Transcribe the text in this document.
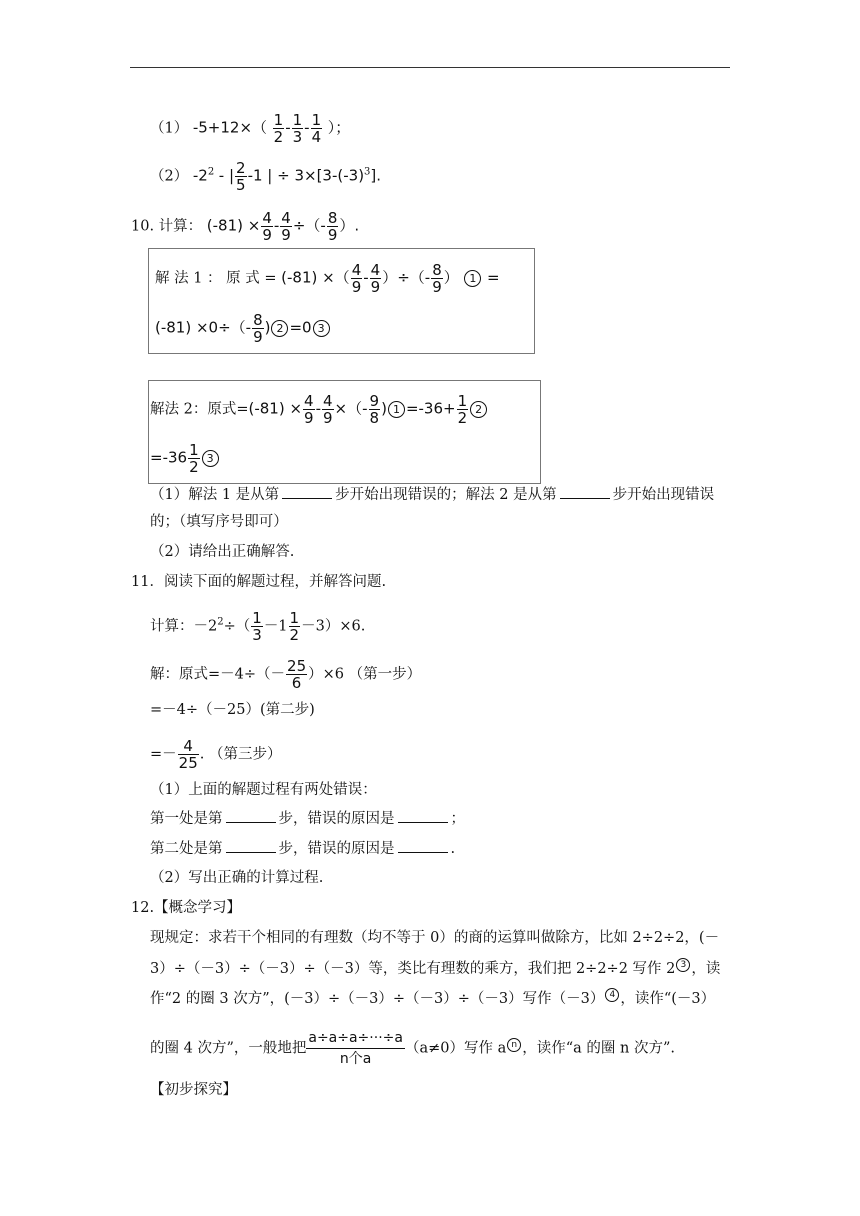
（1） $-5+12\times( \frac{1}{2} - \frac{1}{3} - \frac{1}{4}$ ）；
（2） $-2^2$ - | $\frac{2}{5} -1$ | ÷ $3\times[3-(-3)^3]$.
10. 计算： $(-81) \times \frac{4}{9} - \frac{4}{9}$ ÷（- $\frac{8}{9}$ ）.
解 法 1 ： 原 式 = (-81) ×（ $\frac{4}{9} - \frac{4}{9}$ ）÷（- $\frac{8}{9}$ ） 1 =
$(-81) \times 0\div(- \frac{8}{9}$ ) 2 =0 3
解法 2：原式$=(-81) \times \frac{4}{9} - \frac{4}{9}$ ×（- $\frac{9}{8}$ ) $1 =-36+ \frac{1}{2} 2$
$=-36 \frac{1}{2} 3$
（1）解法 1 是从第	步开始出现错误的；解法 2 是从第	步开始出现错误
的；（填写序号即可）
（2）请给出正确解答.
11．阅读下面的解题过程，并解答问题.
计算：$-2^2\div( \frac{1}{3} -1 \frac{1}{2} -3)\times 6$.
解：原式$=-4\div(- \frac{25}{6} )\times 6$ （第一步）
=－4÷（－25）(第二步)
=－ $\frac{4}{25}$ . （第三步）
（1）上面的解题过程有两处错误：
第一处是第	步，错误的原因是	；
第二处是第	步，错误的原因是	.
（2）写出正确的计算过程.
12.【概念学习】
现规定：求若干个相同的有理数（均不等于 0）的商的运算叫做除方，比如 2÷2÷2，(－
3）÷（－3）÷（－3）÷（－3）等，类比有理数的乘方，我们把 2÷2÷2 写作 2 3 ，读
作“2 的圈 3 次方”，(－3）÷（－3）÷（－3）÷（－3）写作（－3） 4 ，读作“(－3）
的圈 4 次方”，一般地把
a÷a÷a÷···÷a
n个a
（a≠0）写作 a n ，读作“a 的圈 n 次方”.
【初步探究】
